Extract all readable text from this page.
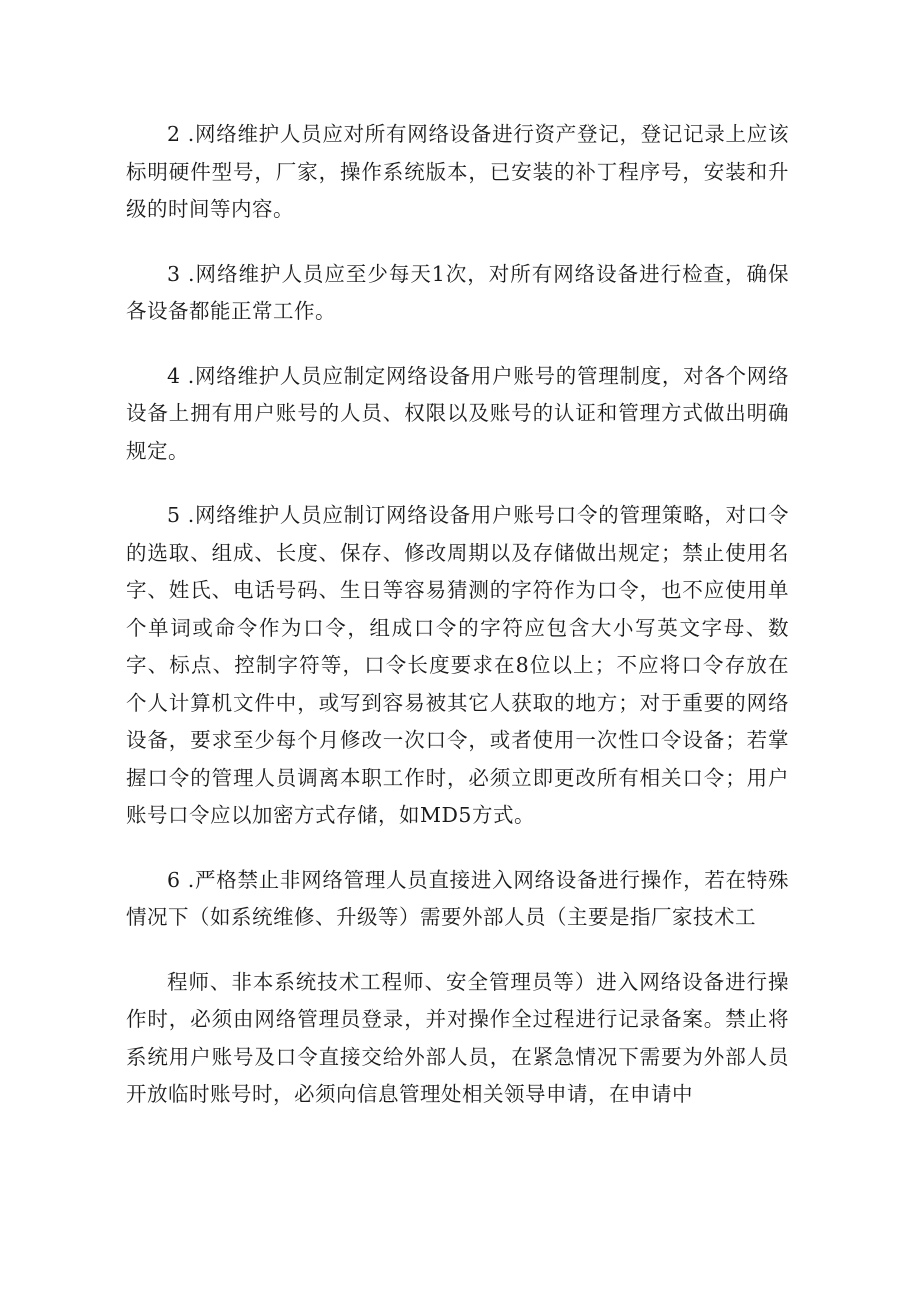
2 .网络维护人员应对所有网络设备进行资产登记，登记记录上应该标明硬件型号，厂家，操作系统版本，已安装的补丁程序号，安装和升级的时间等内容。

3 .网络维护人员应至少每天1次，对所有网络设备进行检查，确保各设备都能正常工作。

4 .网络维护人员应制定网络设备用户账号的管理制度，对各个网络设备上拥有用户账号的人员、权限以及账号的认证和管理方式做出明确规定。

5 .网络维护人员应制订网络设备用户账号口令的管理策略，对口令的选取、组成、长度、保存、修改周期以及存储做出规定；禁止使用名字、姓氏、电话号码、生日等容易猜测的字符作为口令，也不应使用单个单词或命令作为口令，组成口令的字符应包含大小写英文字母、数字、标点、控制字符等，口令长度要求在8位以上；不应将口令存放在个人计算机文件中，或写到容易被其它人获取的地方；对于重要的网络设备，要求至少每个月修改一次口令，或者使用一次性口令设备；若掌握口令的管理人员调离本职工作时，必须立即更改所有相关口令；用户账号口令应以加密方式存储，如MD5方式。

6 .严格禁止非网络管理人员直接进入网络设备进行操作，若在特殊情况下（如系统维修、升级等）需要外部人员（主要是指厂家技术工

程师、非本系统技术工程师、安全管理员等）进入网络设备进行操作时，必须由网络管理员登录，并对操作全过程进行记录备案。禁止将系统用户账号及口令直接交给外部人员，在紧急情况下需要为外部人员开放临时账号时，必须向信息管理处相关领导申请，在申请中
